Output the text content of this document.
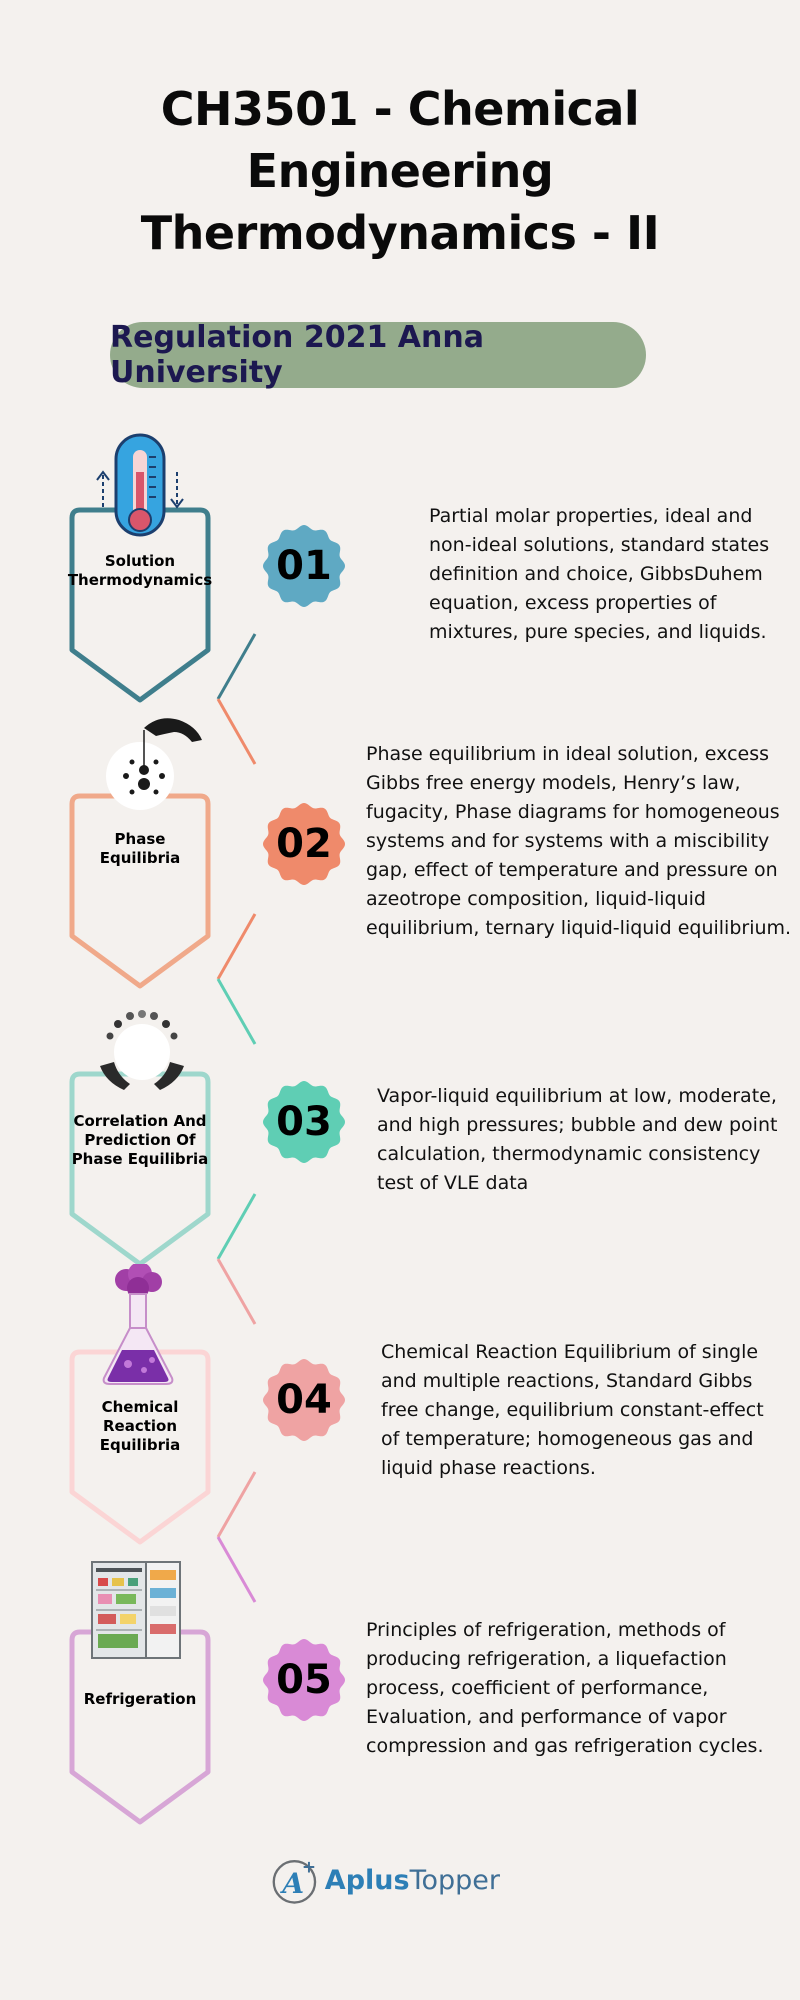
CH3501 - Chemical
Engineering
Thermodynamics - II
Regulation 2021 Anna University
Solution
Thermodynamics	01
Partial molar properties, ideal and
non-ideal solutions, standard states
definition and choice, GibbsDuhem
equation, excess properties of
mixtures, pure species, and liquids.
Phase
Equilibria	02
Phase equilibrium in ideal solution, excess
Gibbs free energy models, Henry’s law,
fugacity, Phase diagrams for homogeneous
systems and for systems with a miscibility
gap, effect of temperature and pressure on
azeotrope composition, liquid-liquid
equilibrium, ternary liquid-liquid equilibrium.
Correlation And
Prediction Of
Phase Equilibria
03
Vapor-liquid equilibrium at low, moderate,
and high pressures; bubble and dew point
calculation, thermodynamic consistency
test of VLE data
Chemical
Reaction
Equilibria
04
Chemical Reaction Equilibrium of single
and multiple reactions, Standard Gibbs
free change, equilibrium constant-effect
of temperature; homogeneous gas and
liquid phase reactions.
Refrigeration	05
Principles of refrigeration, methods of
producing refrigeration, a liquefaction
process, coefficient of performance,
Evaluation, and performance of vapor
compression and gas refrigeration cycles.
A
+ AplusTopper
